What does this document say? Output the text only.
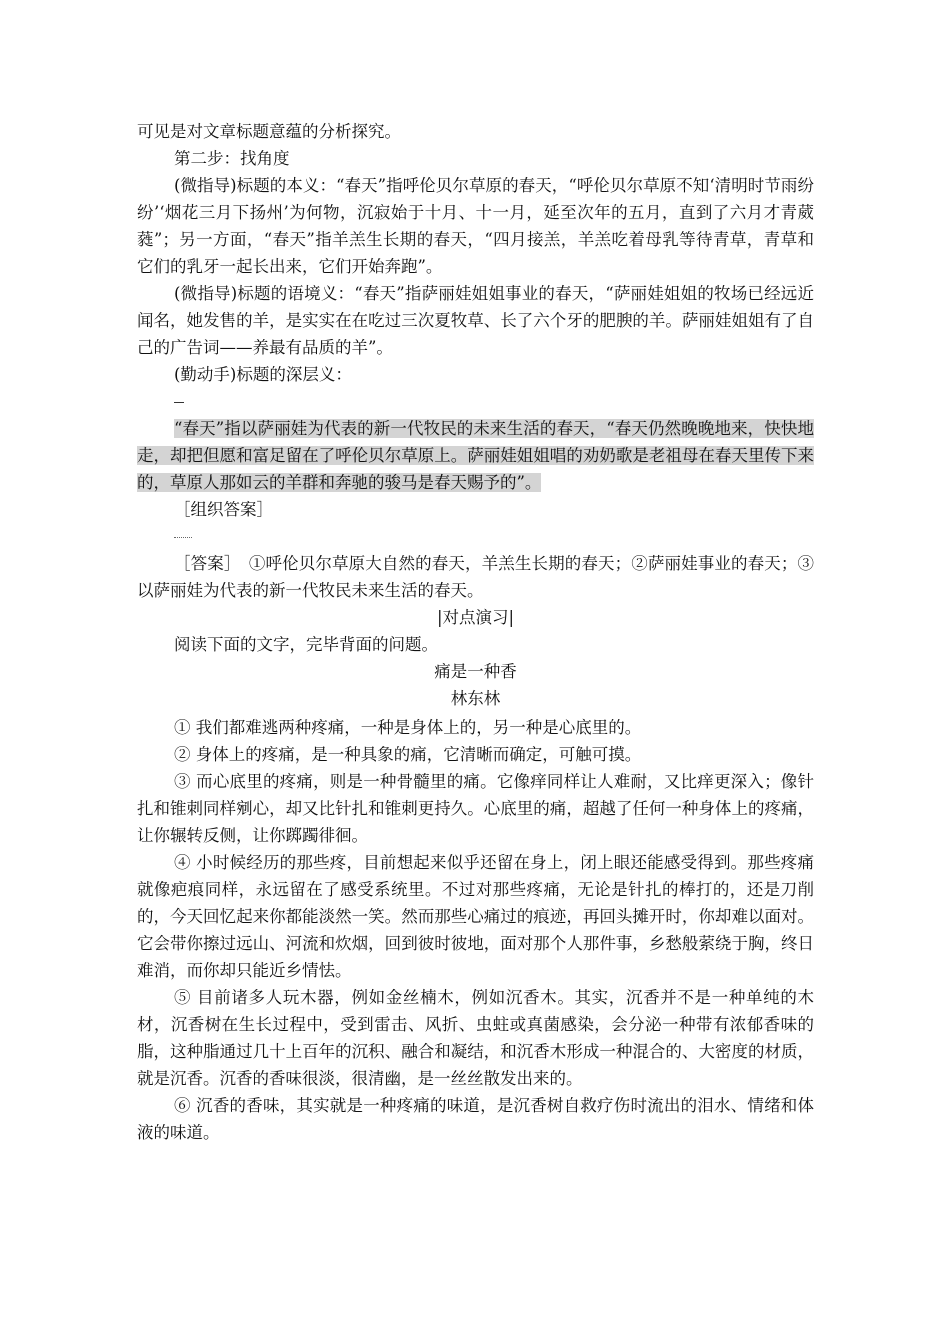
可见是对文章标题意蕴的分析探究。

第二步：找角度

(微指导)标题的本义：“春天”指呼伦贝尔草原的春天，“呼伦贝尔草原不知‘清明时节雨纷纷’‘烟花三月下扬州’为何物，沉寂始于十月、十一月，延至次年的五月，直到了六月才青葳蕤”；另一方面，“春天”指羊羔生长期的春天，“四月接羔，羊羔吃着母乳等待青草，青草和它们的乳牙一起长出来，它们开始奔跑”。

(微指导)标题的语境义：“春天”指萨丽娃姐姐事业的春天，“萨丽娃姐姐的牧场已经远近闻名，她发售的羊，是实实在在吃过三次夏牧草、长了六个牙的肥腴的羊。萨丽娃姐姐有了自己的广告词——养最有品质的羊”。

(勤动手)标题的深层义：

“春天”指以萨丽娃为代表的新一代牧民的未来生活的春天，“春天仍然晚晚地来，快快地走，却把但愿和富足留在了呼伦贝尔草原上。萨丽娃姐姐唱的劝奶歌是老祖母在春天里传下来的，草原人那如云的羊群和奔驰的骏马是春天赐予的”。

［组织答案］

［答案］　①呼伦贝尔草原大自然的春天，羊羔生长期的春天；②萨丽娃事业的春天；③以萨丽娃为代表的新一代牧民未来生活的春天。

|对点演习|

阅读下面的文字，完毕背面的问题。

痛是一种香

林东林

① 我们都难逃两种疼痛，一种是身体上的，另一种是心底里的。

② 身体上的疼痛，是一种具象的痛，它清晰而确定，可触可摸。

③ 而心底里的疼痛，则是一种骨髓里的痛。它像痒同样让人难耐，又比痒更深入；像针扎和锥刺同样剜心，却又比针扎和锥刺更持久。心底里的痛，超越了任何一种身体上的疼痛，让你辗转反侧，让你踯躅徘徊。

④ 小时候经历的那些疼，目前想起来似乎还留在身上，闭上眼还能感受得到。那些疼痛就像疤痕同样，永远留在了感受系统里。不过对那些疼痛，无论是针扎的棒打的，还是刀削的，今天回忆起来你都能淡然一笑。然而那些心痛过的痕迹，再回头摊开时，你却难以面对。它会带你擦过远山、河流和炊烟，回到彼时彼地，面对那个人那件事，乡愁般萦绕于胸，终日难消，而你却只能近乡情怯。

⑤ 目前诸多人玩木器，例如金丝楠木，例如沉香木。其实，沉香并不是一种单纯的木材，沉香树在生长过程中，受到雷击、风折、虫蛀或真菌感染，会分泌一种带有浓郁香味的脂，这种脂通过几十上百年的沉积、融合和凝结，和沉香木形成一种混合的、大密度的材质，就是沉香。沉香的香味很淡，很清幽，是一丝丝散发出来的。

⑥ 沉香的香味，其实就是一种疼痛的味道，是沉香树自救疗伤时流出的泪水、情绪和体液的味道。
